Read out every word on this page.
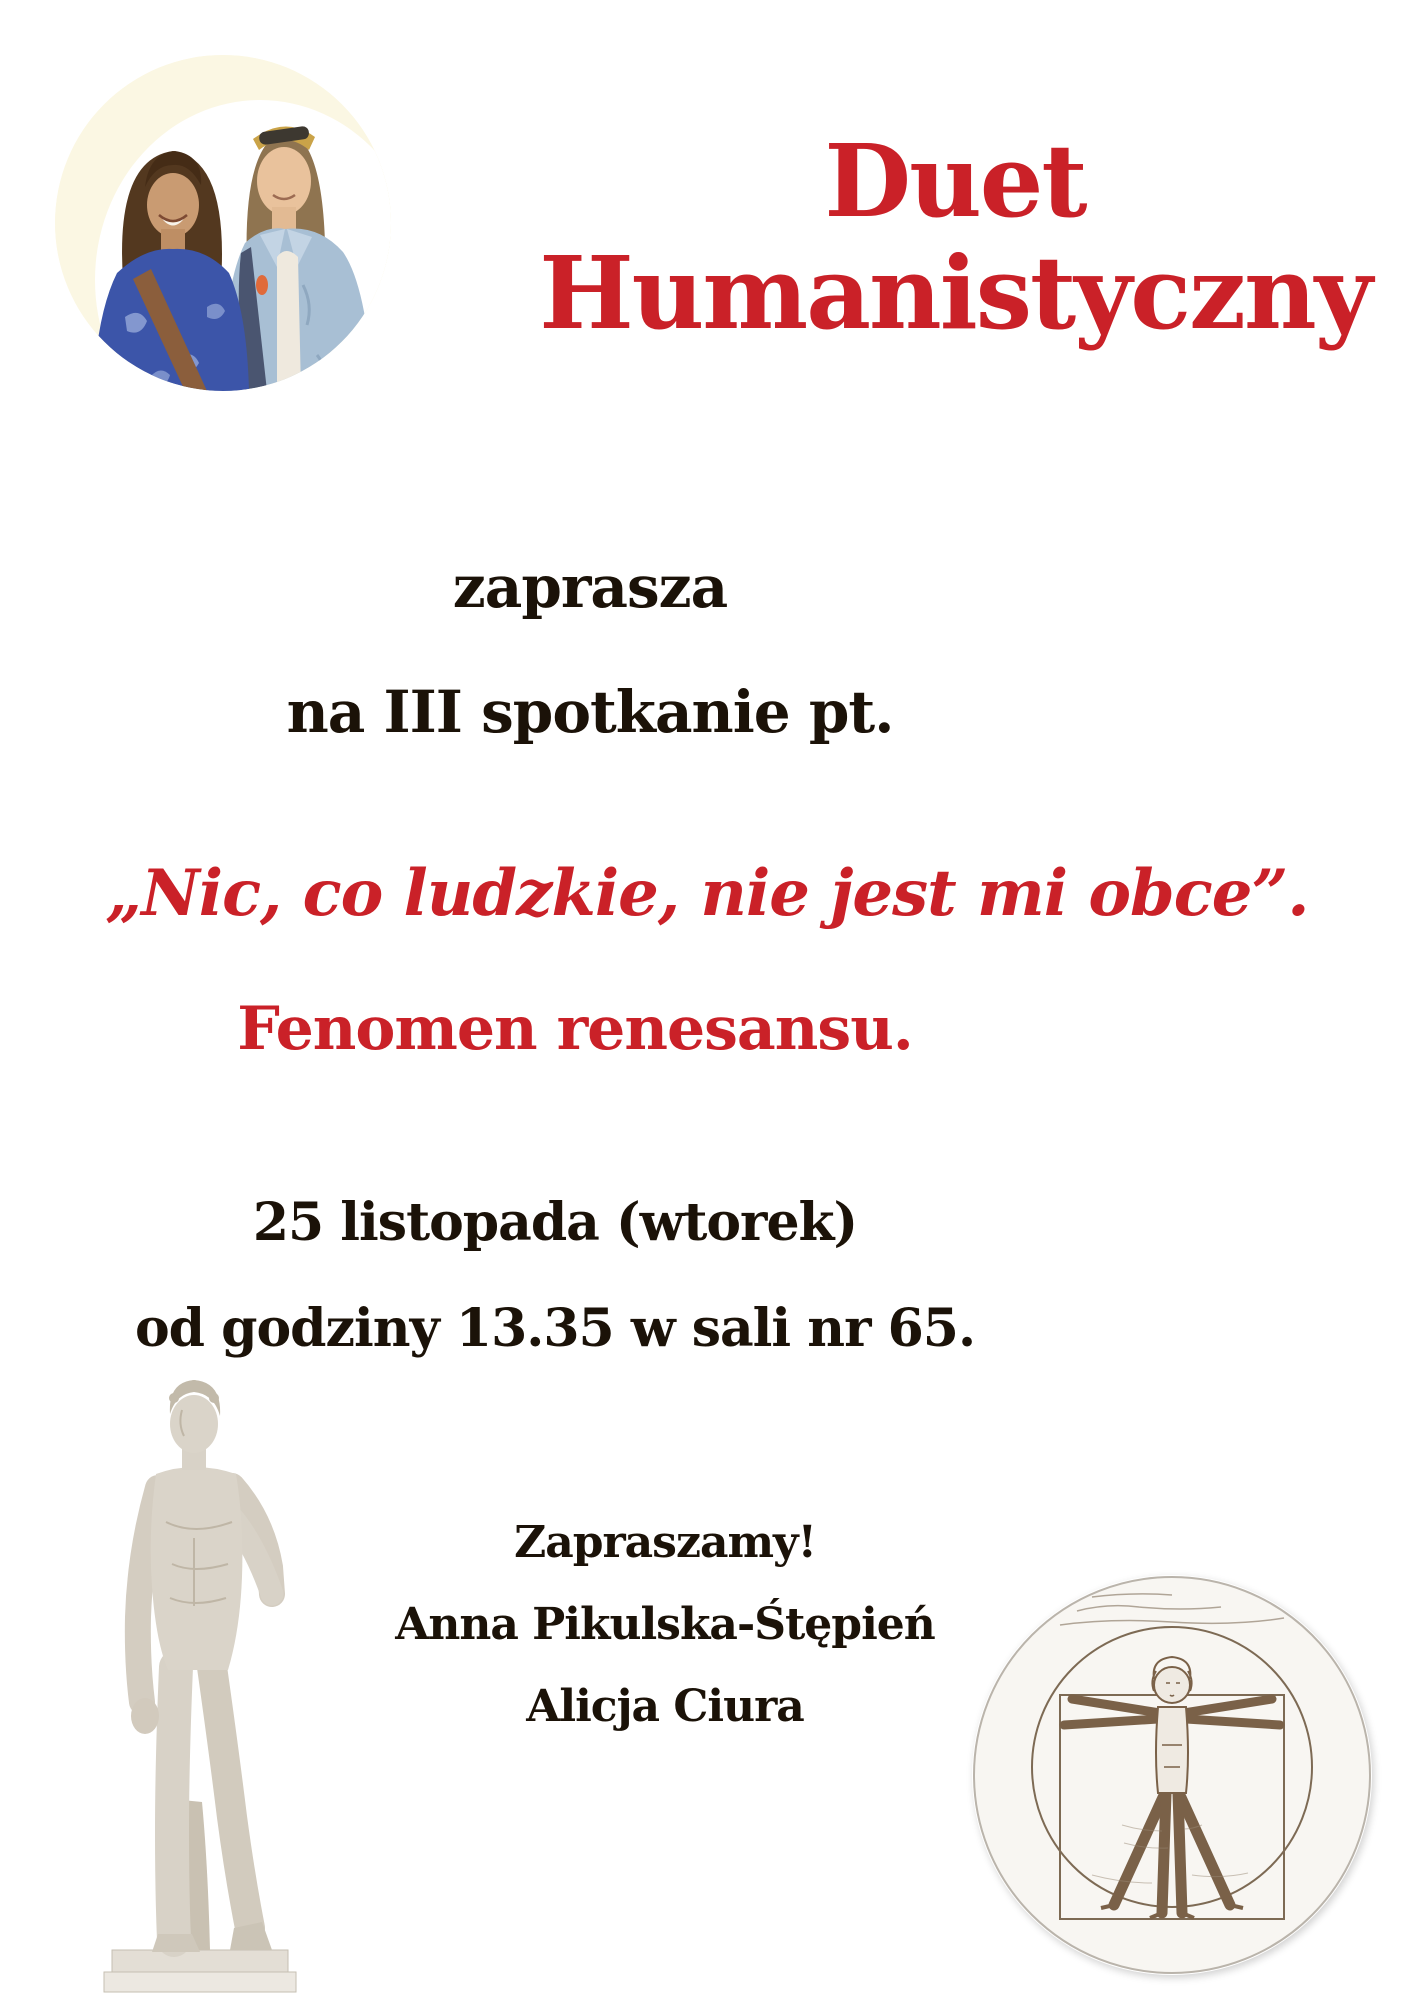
Duet
Humanistyczny
zaprasza
na III spotkanie pt.
„Nic, co ludzkie, nie jest mi obce”.
Fenomen renesansu.
25 listopada (wtorek)
od godziny 13.35 w sali nr 65.
Zapraszamy!
Anna Pikulska-Śtępień
Alicja Ciura
